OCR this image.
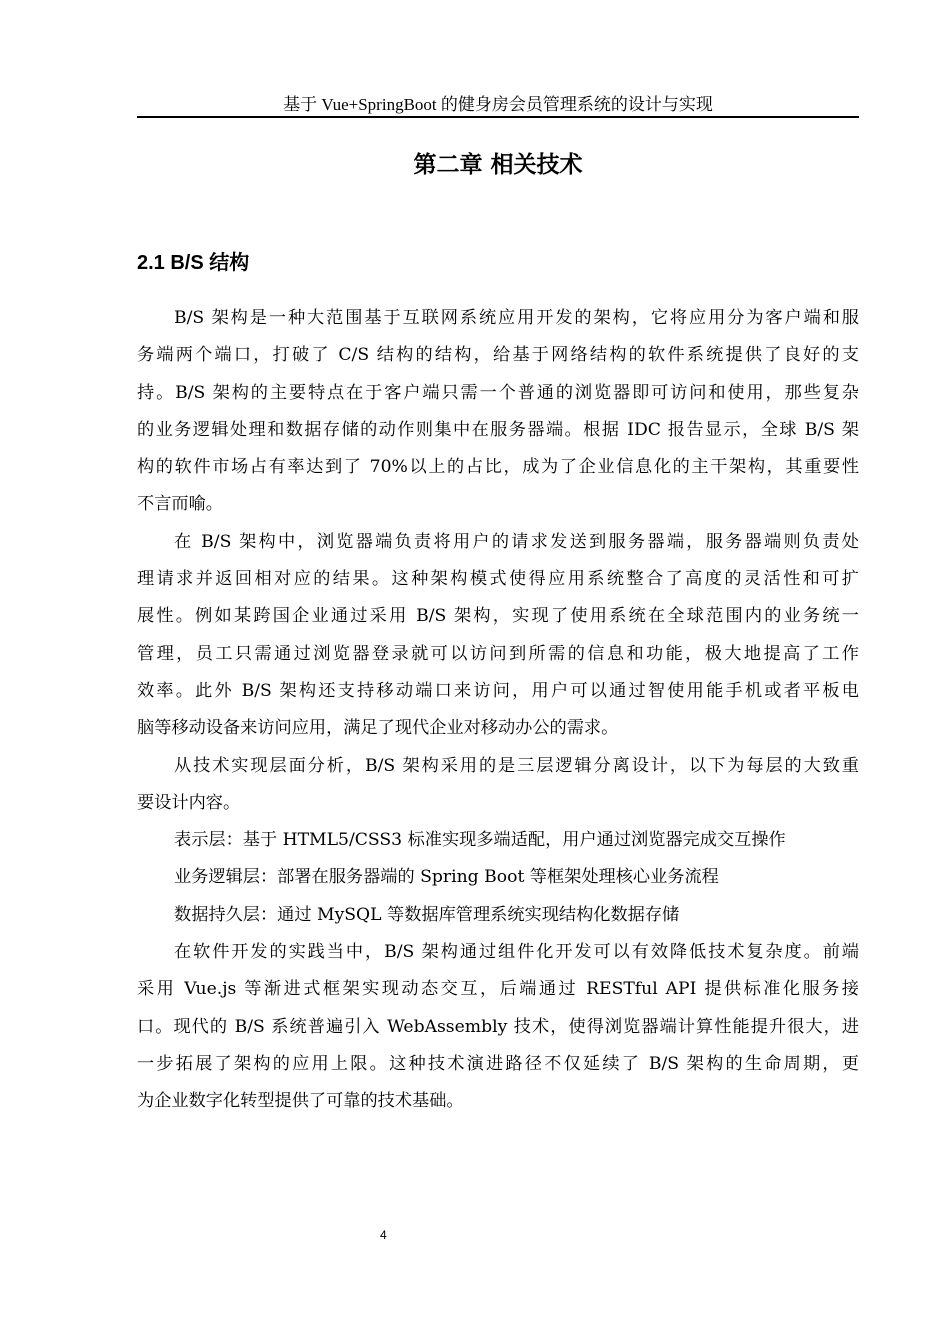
基于 Vue+SpringBoot 的健身房会员管理系统的设计与实现
第二章 相关技术
2.1 B/S 结构
B/S 架构是一种大范围基于互联网系统应用开发的架构，它将应用分为客户端和服
务端两个端口，打破了 C/S 结构的结构，给基于网络结构的软件系统提供了良好的支
持。B/S 架构的主要特点在于客户端只需一个普通的浏览器即可访问和使用，那些复杂
的业务逻辑处理和数据存储的动作则集中在服务器端。根据 IDC 报告显示，全球 B/S 架
构的软件市场占有率达到了 70%以上的占比，成为了企业信息化的主干架构，其重要性
不言而喻。
在 B/S 架构中，浏览器端负责将用户的请求发送到服务器端，服务器端则负责处
理请求并返回相对应的结果。这种架构模式使得应用系统整合了高度的灵活性和可扩
展性。例如某跨国企业通过采用 B/S 架构，实现了使用系统在全球范围内的业务统一
管理，员工只需通过浏览器登录就可以访问到所需的信息和功能，极大地提高了工作
效率。此外 B/S 架构还支持移动端口来访问，用户可以通过智使用能手机或者平板电
脑等移动设备来访问应用，满足了现代企业对移动办公的需求。
从技术实现层面分析，B/S 架构采用的是三层逻辑分离设计，以下为每层的大致重
要设计内容。
表示层：基于 HTML5/CSS3 标准实现多端适配，用户通过浏览器完成交互操作
业务逻辑层：部署在服务器端的 Spring Boot 等框架处理核心业务流程
数据持久层：通过 MySQL 等数据库管理系统实现结构化数据存储
在软件开发的实践当中，B/S 架构通过组件化开发可以有效降低技术复杂度。前端
采用 Vue.js 等渐进式框架实现动态交互，后端通过 RESTful API 提供标准化服务接
口。现代的 B/S 系统普遍引入 WebAssembly 技术，使得浏览器端计算性能提升很大，进
一步拓展了架构的应用上限。这种技术演进路径不仅延续了 B/S 架构的生命周期，更
为企业数字化转型提供了可靠的技术基础。
4
